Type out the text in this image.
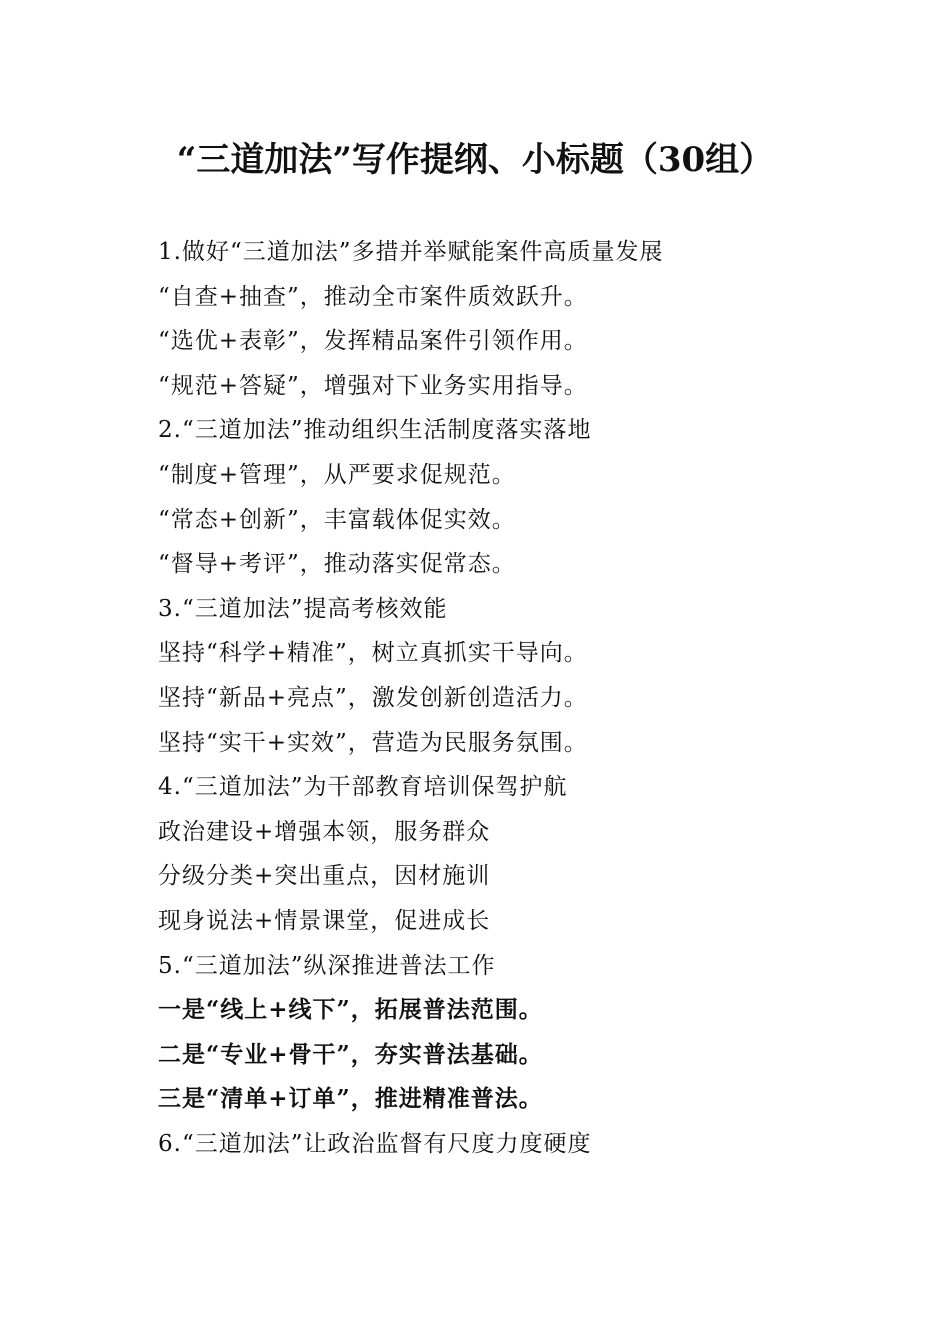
“三道加法”写作提纲、小标题（30组）
1.做好“三道加法”多措并举赋能案件高质量发展
“自查+抽查”，推动全市案件质效跃升。
“选优+表彰”，发挥精品案件引领作用。
“规范+答疑”，增强对下业务实用指导。
2.“三道加法”推动组织生活制度落实落地
“制度+管理”，从严要求促规范。
“常态+创新”，丰富载体促实效。
“督导+考评”，推动落实促常态。
3.“三道加法”提高考核效能
坚持“科学+精准”，树立真抓实干导向。
坚持“新品+亮点”，激发创新创造活力。
坚持“实干+实效”，营造为民服务氛围。
4.“三道加法”为干部教育培训保驾护航
政治建设+增强本领，服务群众
分级分类+突出重点，因材施训
现身说法+情景课堂，促进成长
5.“三道加法”纵深推进普法工作
一是“线上+线下”，拓展普法范围。
二是“专业+骨干”，夯实普法基础。
三是“清单+订单”，推进精准普法。
6.“三道加法”让政治监督有尺度力度硬度
